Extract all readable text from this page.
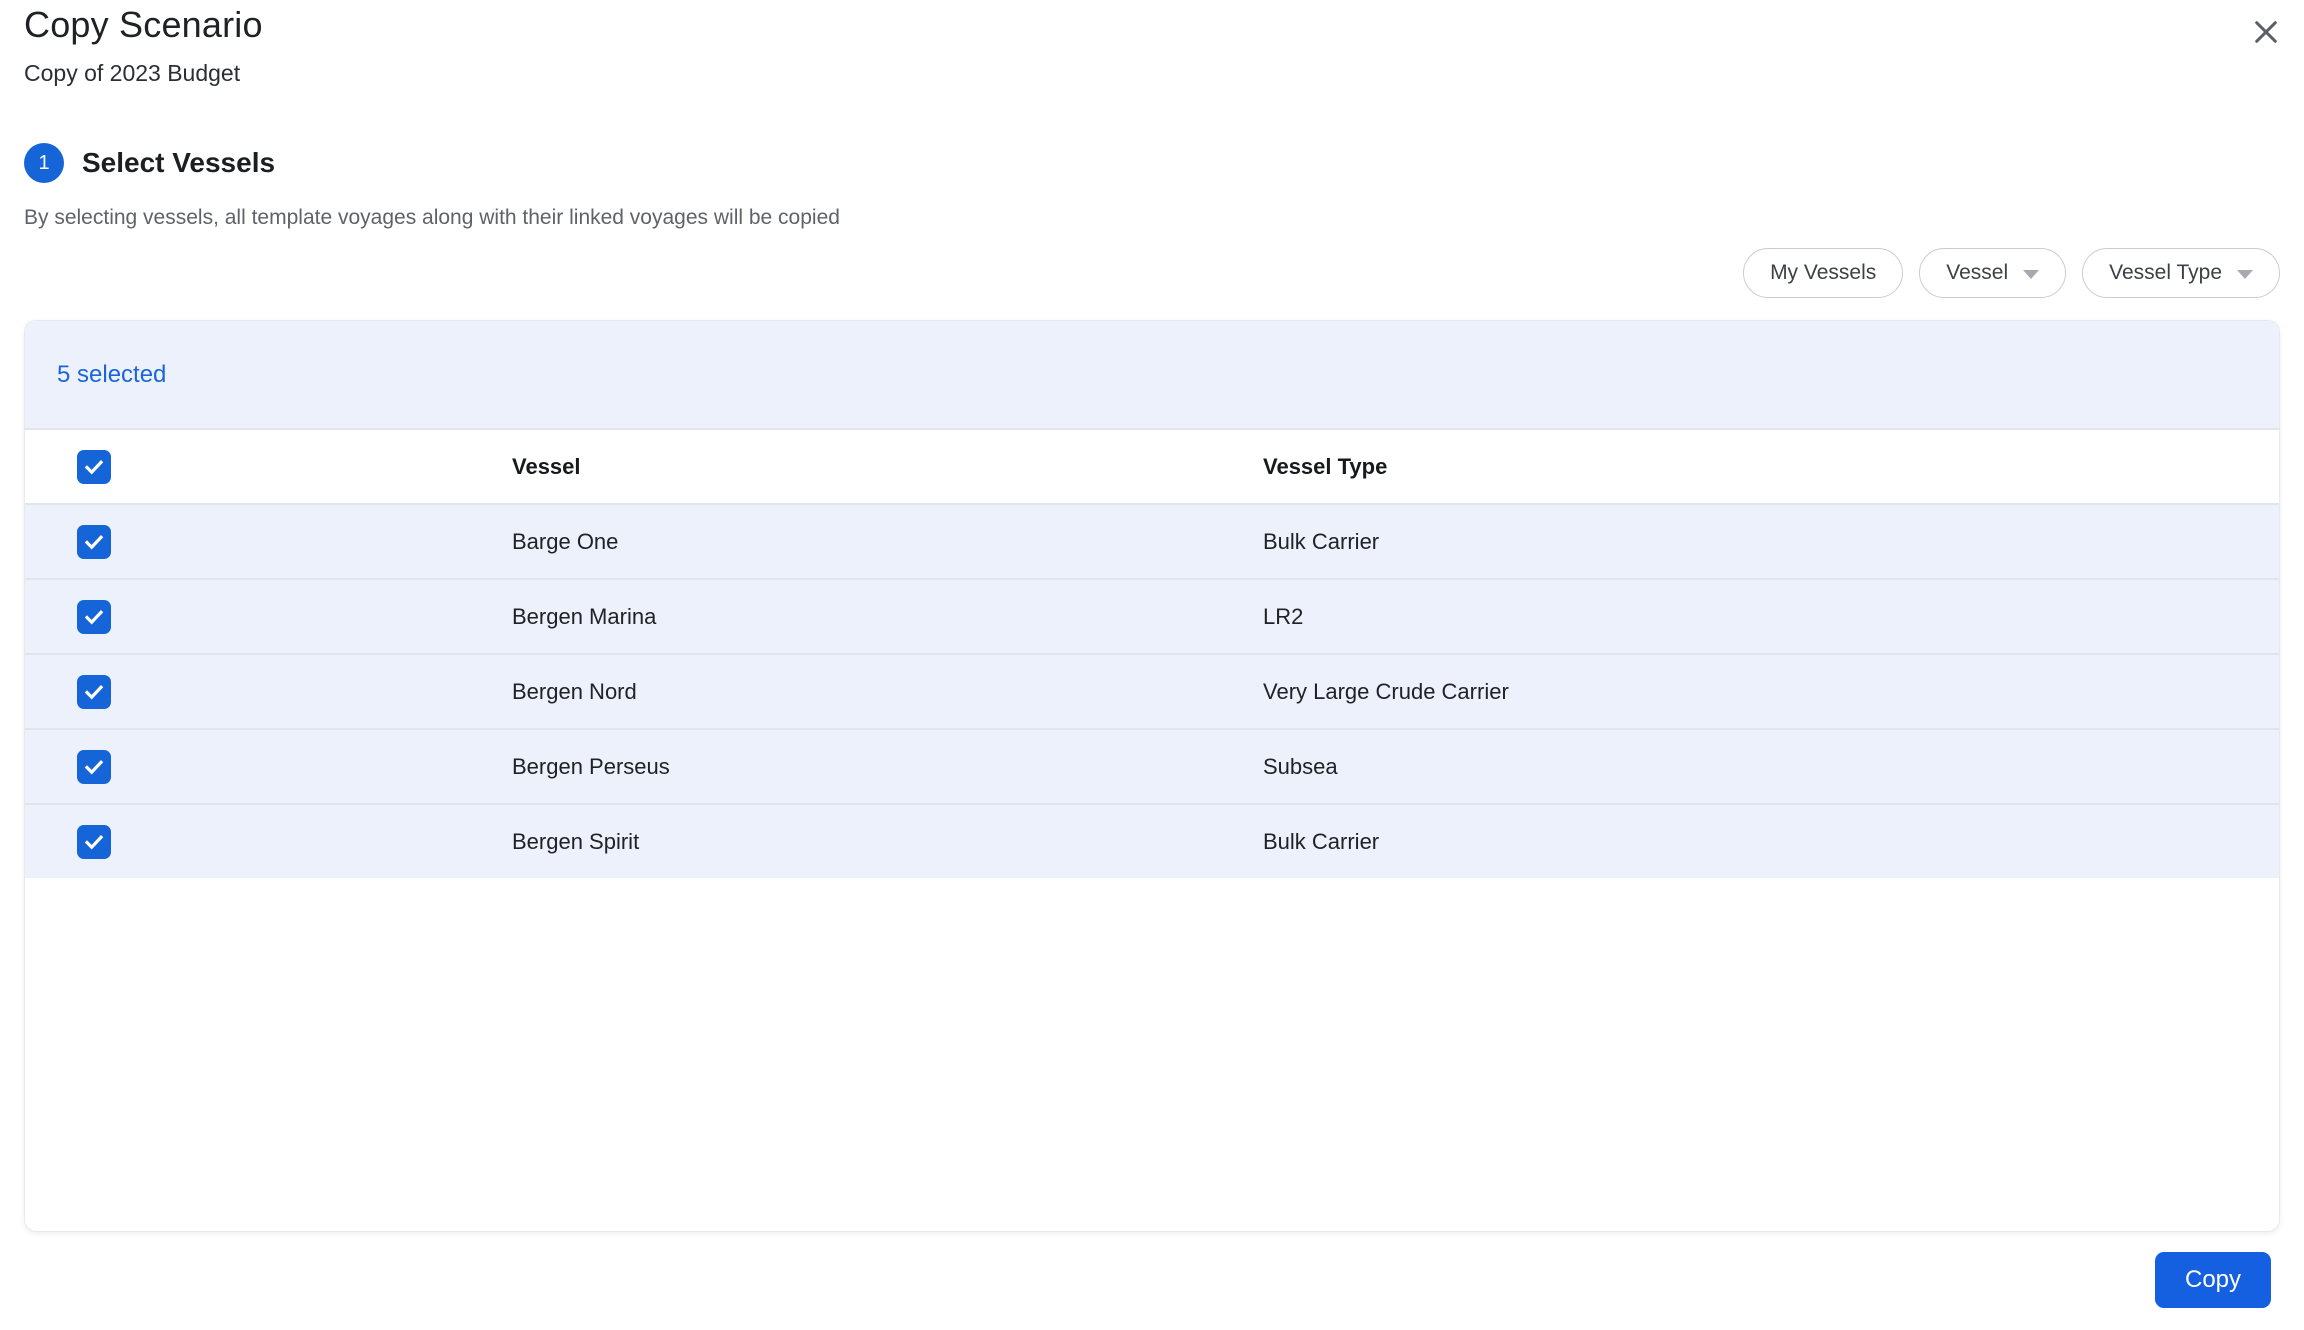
Copy Scenario
Copy of 2023 Budget
1	Select Vessels

By selecting vessels, all template voyages along with their linked voyages will be copied

My Vessels	Vessel	Vessel Type
5 selected
Vessel	Vessel Type
Barge One	Bulk Carrier
Bergen Marina	LR2
Bergen Nord	Very Large Crude Carrier
Bergen Perseus	Subsea
Bergen Spirit	Bulk Carrier
Copy
